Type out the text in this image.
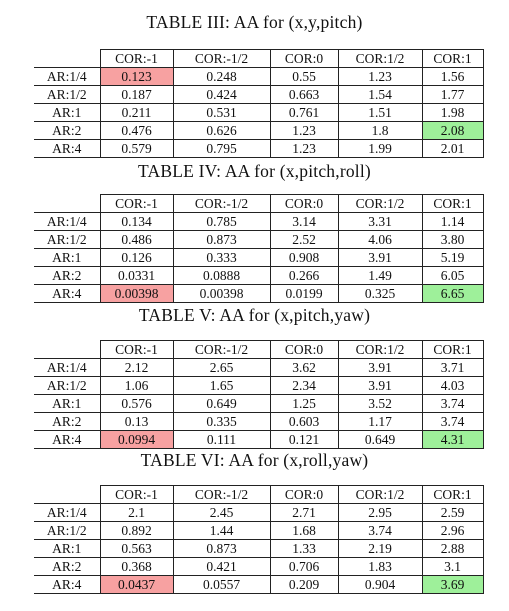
TABLE III: AA for (x,y,pitch)
	COR:-1	COR:-1/2	COR:0	COR:1/2	COR:1
AR:1/4	0.123	0.248	0.55	1.23	1.56
AR:1/2	0.187	0.424	0.663	1.54	1.77
AR:1	0.211	0.531	0.761	1.51	1.98
AR:2	0.476	0.626	1.23	1.8	2.08
AR:4	0.579	0.795	1.23	1.99	2.01
TABLE IV: AA for (x,pitch,roll)
	COR:-1	COR:-1/2	COR:0	COR:1/2	COR:1
AR:1/4	0.134	0.785	3.14	3.31	1.14
AR:1/2	0.486	0.873	2.52	4.06	3.80
AR:1	0.126	0.333	0.908	3.91	5.19
AR:2	0.0331	0.0888	0.266	1.49	6.05
AR:4	0.00398	0.00398	0.0199	0.325	6.65
TABLE V: AA for (x,pitch,yaw)
	COR:-1	COR:-1/2	COR:0	COR:1/2	COR:1
AR:1/4	2.12	2.65	3.62	3.91	3.71
AR:1/2	1.06	1.65	2.34	3.91	4.03
AR:1	0.576	0.649	1.25	3.52	3.74
AR:2	0.13	0.335	0.603	1.17	3.74
AR:4	0.0994	0.111	0.121	0.649	4.31
TABLE VI: AA for (x,roll,yaw)
	COR:-1	COR:-1/2	COR:0	COR:1/2	COR:1
AR:1/4	2.1	2.45	2.71	2.95	2.59
AR:1/2	0.892	1.44	1.68	3.74	2.96
AR:1	0.563	0.873	1.33	2.19	2.88
AR:2	0.368	0.421	0.706	1.83	3.1
AR:4	0.0437	0.0557	0.209	0.904	3.69
